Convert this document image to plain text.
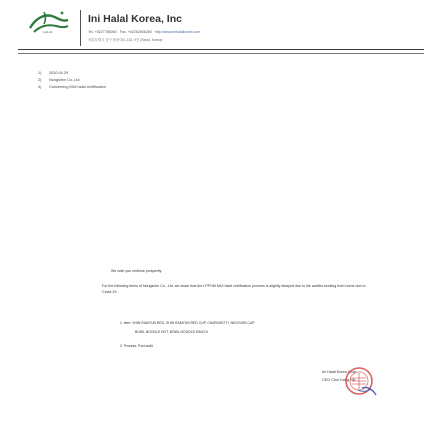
HALAL
Ini Halal Korea, Inc
Tel. +8227786060 Fax. +82262806260 http://www.inihalalkorea.com
서울특별시 중구 세종대로 110, 9층 (Seoul, Korea)
1) 2020.04.29
2) Nongshim Co.,Ltd
3) Concerning MUI halal certification
We wish you endless prosperity.
For the following items of Nongshim Co., Ltd. we share that the LPPOM MUI halal certification process is slightly delayed due to the auditor working from home due to Covid-19.
1. Item: SHIN RAMYUN RED, SHIN RAMYUN RED CUP, CHAPAGETTI, NEOGURI CUP,
BOWL NOODLE HOT, BOWL NOODLE KIMCHI
2. Process: Post audit
Ini Halal Korea Corp
CEO Choi Kang Sik
